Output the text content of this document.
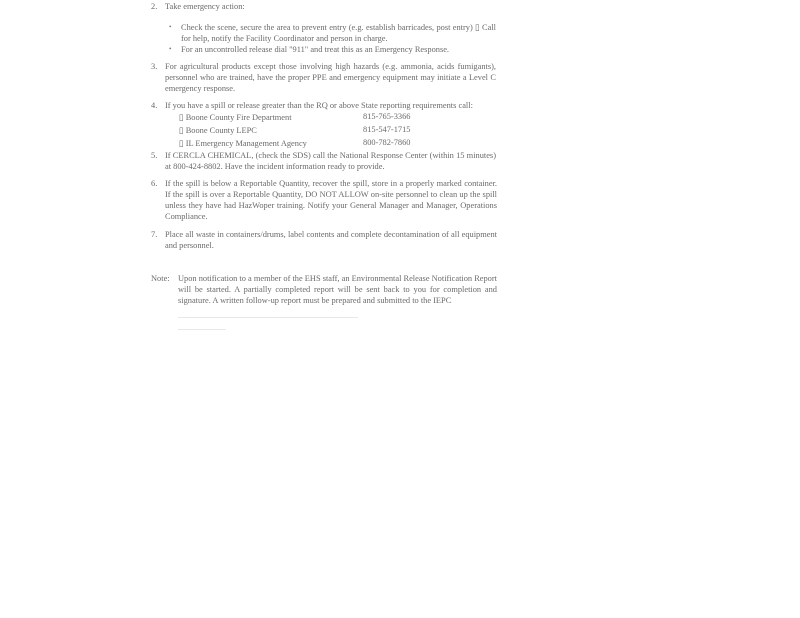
2. Take emergency action:
• Check the scene, secure the area to prevent entry (e.g. establish barricades, post entry) ▯ Call for help, notify the Facility Coordinator and person in charge.
• For an uncontrolled release dial "911" and treat this as an Emergency Response.
3. For agricultural products except those involving high hazards (e.g. ammonia, acids fumigants), personnel who are trained, have the proper PPE and emergency equipment may initiate a Level C emergency response.
4. If you have a spill or release greater than the RQ or above State reporting requirements call:
▯ Boone County Fire Department	815-765-3366
▯ Boone County LEPC	815-547-1715
▯ IL Emergency Management Agency	800-782-7860
5. If CERCLA CHEMICAL, (check the SDS) call the National Response Center (within 15 minutes) at 800-424-8802. Have the incident information ready to provide.
6. If the spill is below a Reportable Quantity, recover the spill, store in a properly marked container. If the spill is over a Reportable Quantity, DO NOT ALLOW on-site personnel to clean up the spill unless they have had HazWoper training. Notify your General Manager and Manager, Operations Compliance.
7. Place all waste in containers/drums, label contents and complete decontamination of all equipment and personnel.
Note: Upon notification to a member of the EHS staff, an Environmental Release Notification Report will be started. A partially completed report will be sent back to you for completion and signature. A written follow-up report must be prepared and submitted to the IEPC
